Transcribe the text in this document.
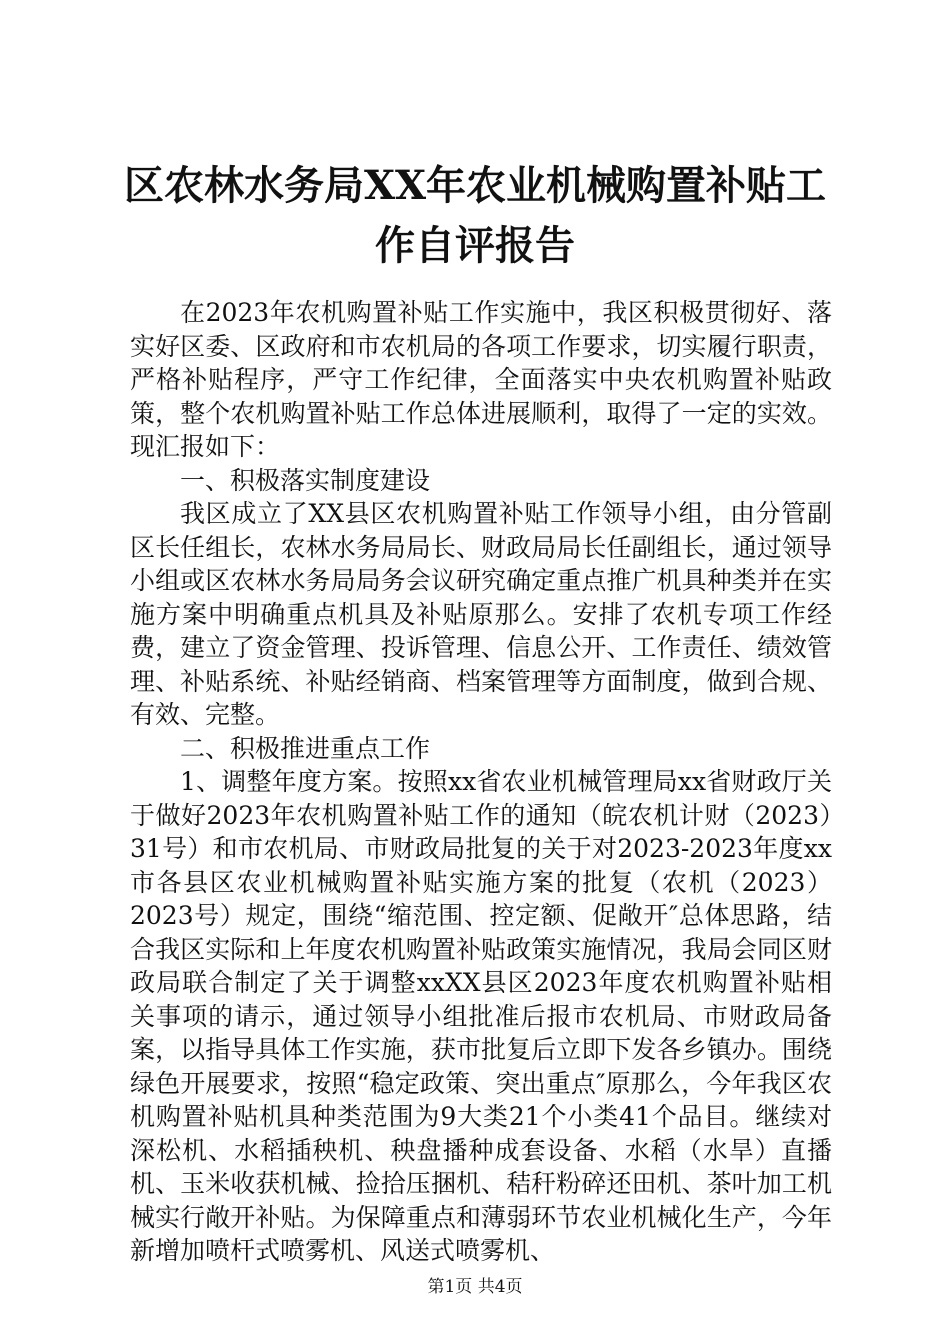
区农林水务局XX年农业机械购置补贴工作自评报告

在2023年农机购置补贴工作实施中，我区积极贯彻好、落实好区委、区政府和市农机局的各项工作要求，切实履行职责，严格补贴程序，严守工作纪律，全面落实中央农机购置补贴政策，整个农机购置补贴工作总体进展顺利，取得了一定的实效。现汇报如下：

一、积极落实制度建设

我区成立了XX县区农机购置补贴工作领导小组，由分管副区长任组长，农林水务局局长、财政局局长任副组长，通过领导小组或区农林水务局局务会议研究确定重点推广机具种类并在实施方案中明确重点机具及补贴原那么。安排了农机专项工作经费，建立了资金管理、投诉管理、信息公开、工作责任、绩效管理、补贴系统、补贴经销商、档案管理等方面制度，做到合规、有效、完整。

二、积极推进重点工作

1、调整年度方案。按照xx省农业机械管理局xx省财政厅关于做好2023年农机购置补贴工作的通知（皖农机计财（2023）31号）和市农机局、市财政局批复的关于对2023-2023年度xx市各县区农业机械购置补贴实施方案的批复（农机（2023）2023号）规定，围绕“缩范围、控定额、促敞开″总体思路，结合我区实际和上年度农机购置补贴政策实施情况，我局会同区财政局联合制定了关于调整xxXX县区2023年度农机购置补贴相关事项的请示，通过领导小组批准后报市农机局、市财政局备案，以指导具体工作实施，获市批复后立即下发各乡镇办。围绕绿色开展要求，按照“稳定政策、突出重点″原那么，今年我区农机购置补贴机具种类范围为9大类21个小类41个品目。继续对深松机、水稻插秧机、秧盘播种成套设备、水稻（水旱）直播机、玉米收获机械、捡拾压捆机、秸秆粉碎还田机、茶叶加工机械实行敞开补贴。为保障重点和薄弱环节农业机械化生产，今年新增加喷杆式喷雾机、风送式喷雾机、

第1页 共4页
